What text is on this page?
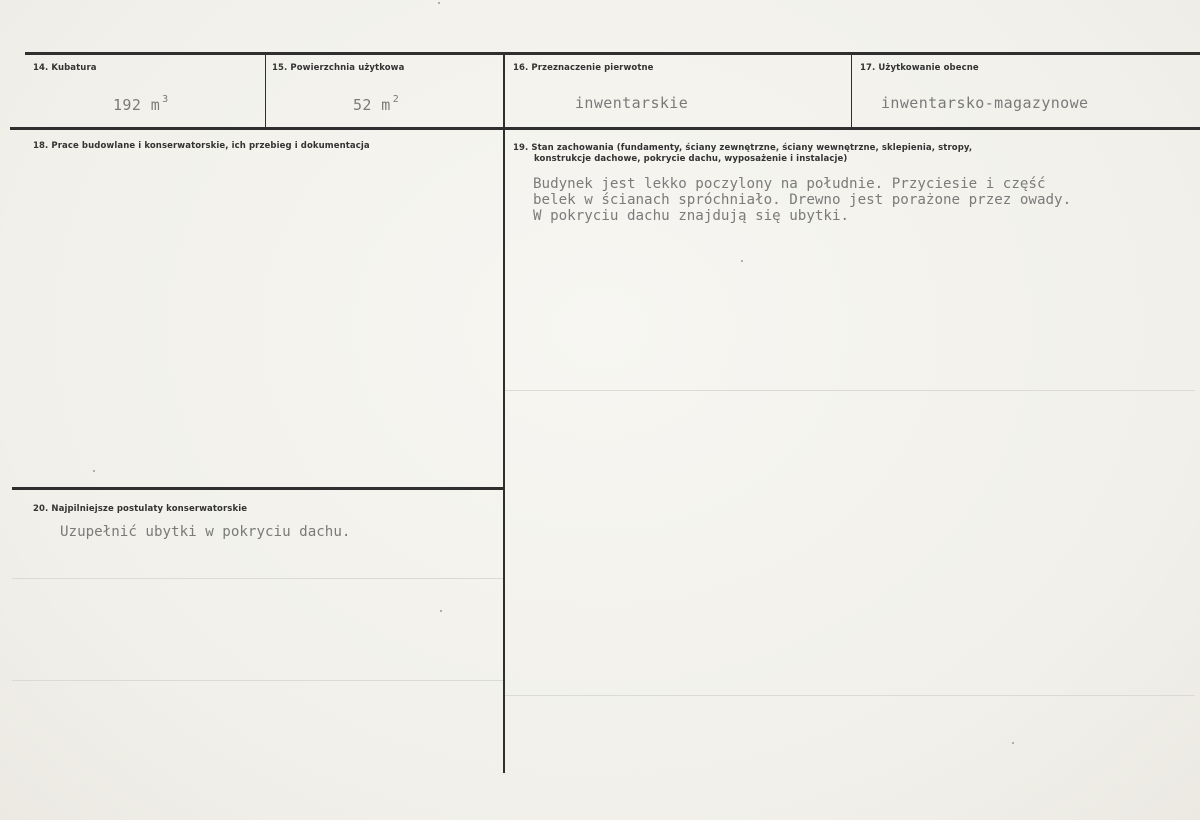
14. Kubatura
192 m $^3$
15. Powierzchnia użytkowa
52 m $^2$
16. Przeznaczenie pierwotne
inwentarskie
17. Użytkowanie obecne
inwentarsko-magazynowe
18. Prace budowlane i konserwatorskie, ich przebieg i dokumentacja	19. Stan zachowania (fundamenty, ściany zewnętrzne, ściany wewnętrzne, sklepienia, stropy,
konstrukcje dachowe, pokrycie dachu, wyposażenie i instalacje)
Budynek jest lekko poczylony na południe. Przyciesie i część
belek w ścianach spróchniało. Drewno jest porażone przez owady.
W pokryciu dachu znajdują się ubytki.
20. Najpilniejsze postulaty konserwatorskie
Uzupełnić ubytki w pokryciu dachu.
